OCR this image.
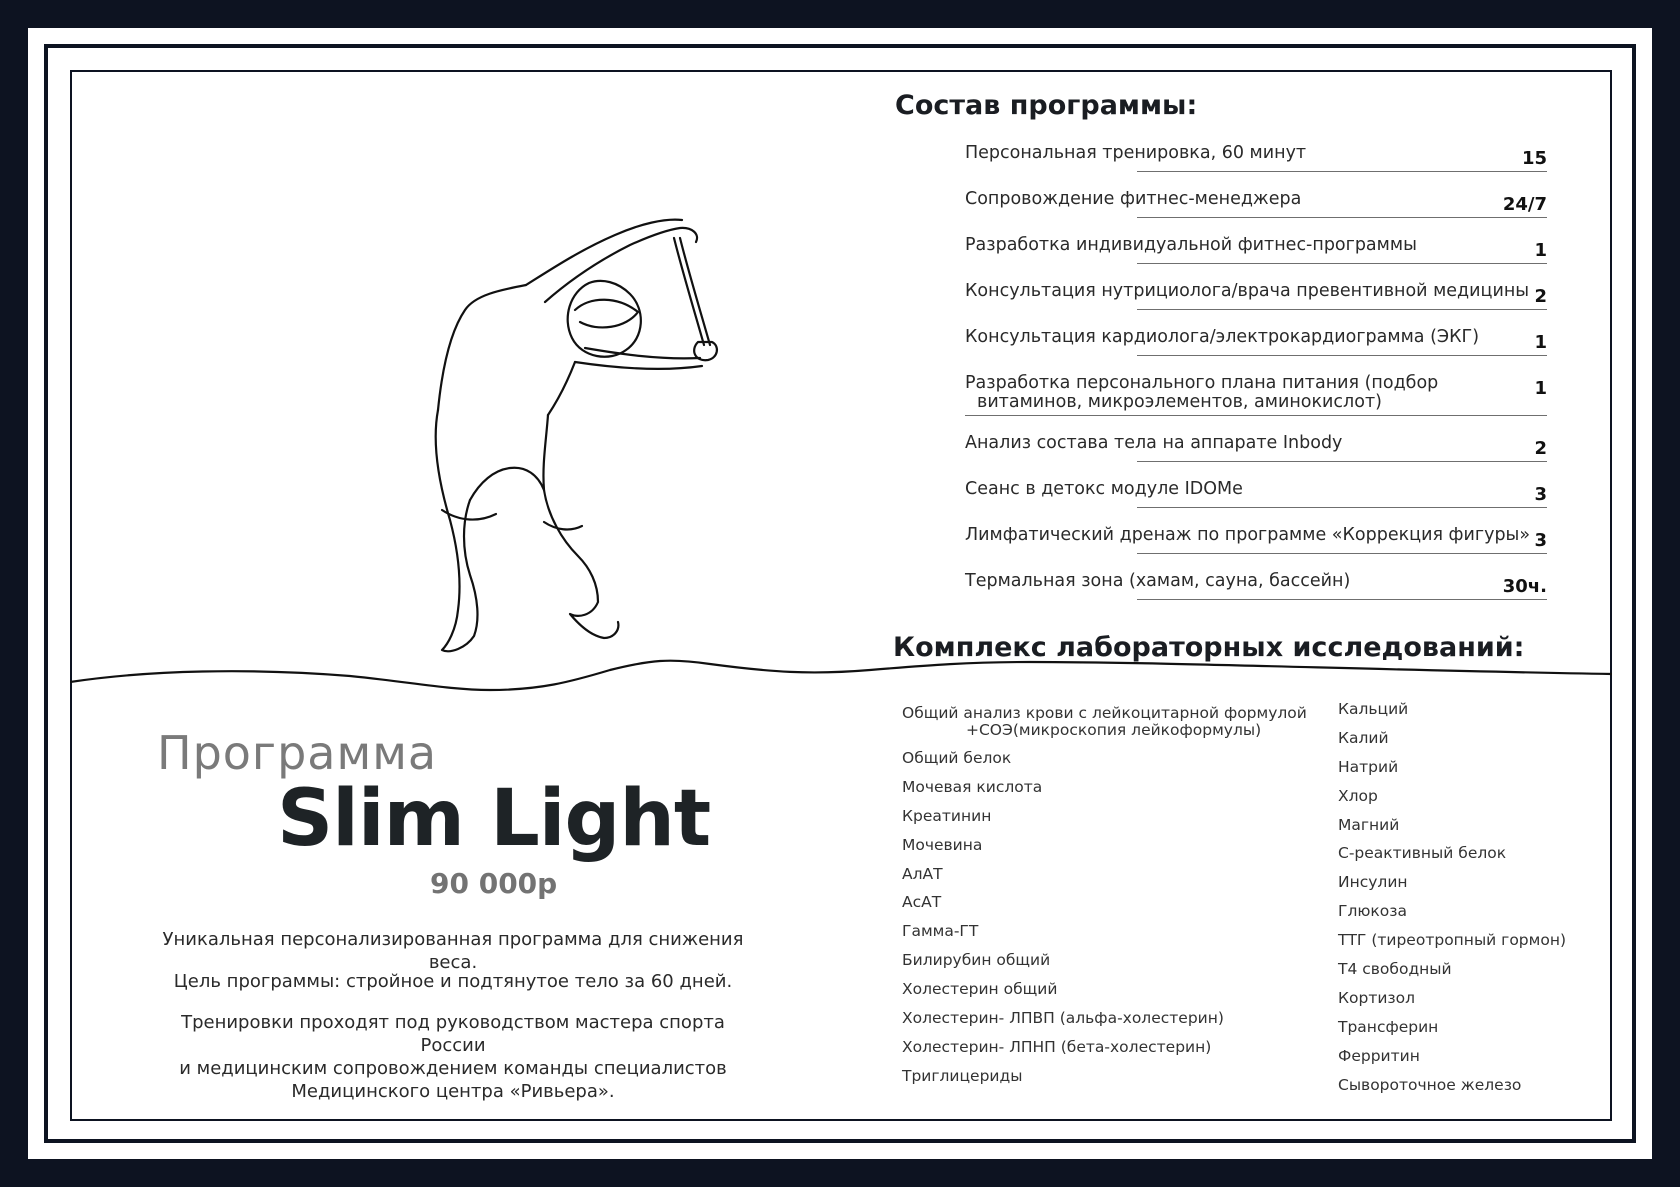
Состав программы:
Персональная тренировка, 60 минут	15
Сопровождение фитнес-менеджера	24/7
Разработка индивидуальной фитнес-программы	1
Консультация нутрициолога/врача превентивной медицины 2
Консультация кардиолога/электрокардиограмма (ЭКГ)	1
Разработка персонального плана питания (подбор
витаминов, микроэлементов, аминокислот)
1
Анализ состава тела на аппарате Inbody	2
Сеанс в детокс модуле IDOMe	3
Лимфатический дренаж по программе «Коррекция фигуры» 3
Термальная зона (хамам, сауна, бассейн)	30ч.
Комплекс лабораторных исследований:
Общий анализ крови с лейкоцитарной формулой
+СОЭ(микроскопия лейкоформулы)
Общий белок
Мочевая кислота
Креатинин
Мочевина
АлАТ
АсАТ
Гамма-ГТ
Билирубин общий
Холестерин общий
Холестерин- ЛПВП (альфа-холестерин)
Холестерин- ЛПНП (бета-холестерин)
Триглицериды
Кальций
Калий
Натрий
Хлор
Магний
С-реактивный белок
Инсулин
Глюкоза
ТТГ (тиреотропный гормон)
Т4 свободный
Кортизол
Трансферин
Ферритин
Сывороточное железо
Программа
Slim Light
90 000р
Уникальная персонализированная программа для снижения веса.
Цель программы: стройное и подтянутое тело за 60 дней.
Тренировки проходят под руководством мастера спорта России
и медицинским сопровождением команды специалистов
Медицинского центра «Ривьера».
